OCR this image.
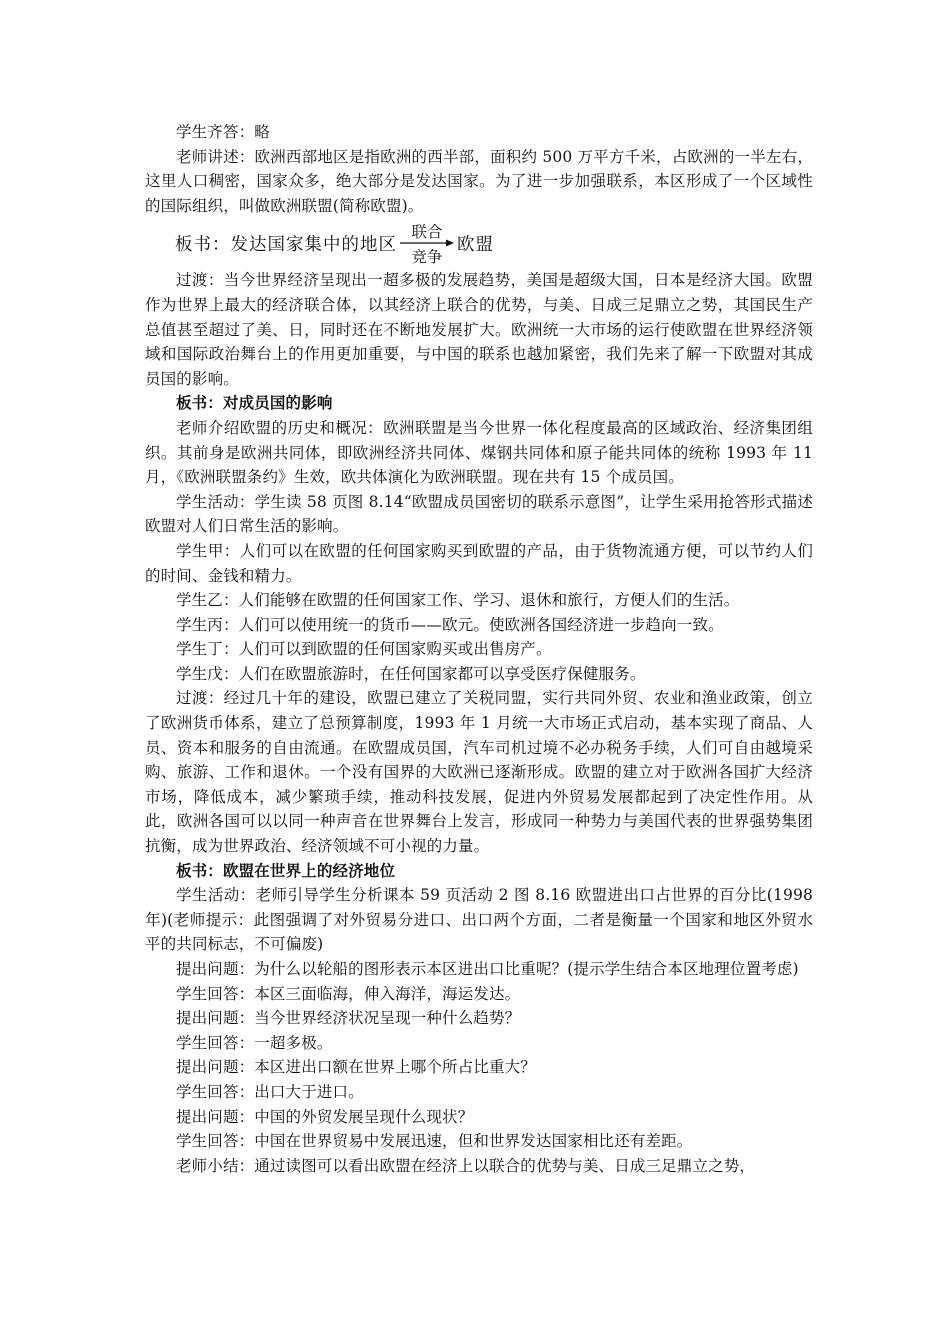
学生齐答：略

老师讲述：欧洲西部地区是指欧洲的西半部，面积约 500 万平方千米，占欧洲的一半左右，这里人口稠密，国家众多，绝大部分是发达国家。为了进一步加强联系，本区形成了一个区域性的国际组织，叫做欧洲联盟(简称欧盟)。

板书：发达国家集中的地区
联合
竞争
欧盟

过渡：当今世界经济呈现出一超多极的发展趋势，美国是超级大国，日本是经济大国。欧盟作为世界上最大的经济联合体，以其经济上联合的优势，与美、日成三足鼎立之势，其国民生产总值甚至超过了美、日，同时还在不断地发展扩大。欧洲统一大市场的运行使欧盟在世界经济领域和国际政治舞台上的作用更加重要，与中国的联系也越加紧密，我们先来了解一下欧盟对其成员国的影响。

板书：对成员国的影响

老师介绍欧盟的历史和概况：欧洲联盟是当今世界一体化程度最高的区域政治、经济集团组织。其前身是欧洲共同体，即欧洲经济共同体、煤钢共同体和原子能共同体的统称 1993 年 11 月，《欧洲联盟条约》生效，欧共体演化为欧洲联盟。现在共有 15 个成员国。

学生活动：学生读 58 页图 8.14“欧盟成员国密切的联系示意图”，让学生采用抢答形式描述欧盟对人们日常生活的影响。

学生甲：人们可以在欧盟的任何国家购买到欧盟的产品，由于货物流通方便，可以节约人们的时间、金钱和精力。

学生乙：人们能够在欧盟的任何国家工作、学习、退休和旅行，方便人们的生活。

学生丙：人们可以使用统一的货币——欧元。使欧洲各国经济进一步趋向一致。

学生丁：人们可以到欧盟的任何国家购买或出售房产。

学生戊：人们在欧盟旅游时，在任何国家都可以享受医疗保健服务。

过渡：经过几十年的建设，欧盟已建立了关税同盟，实行共同外贸、农业和渔业政策，创立了欧洲货币体系，建立了总预算制度，1993 年 1 月统一大市场正式启动，基本实现了商品、人员、资本和服务的自由流通。在欧盟成员国，汽车司机过境不必办税务手续，人们可自由越境采购、旅游、工作和退休。一个没有国界的大欧洲已逐渐形成。欧盟的建立对于欧洲各国扩大经济市场，降低成本，减少繁琐手续，推动科技发展，促进内外贸易发展都起到了决定性作用。从此，欧洲各国可以以同一种声音在世界舞台上发言，形成同一种势力与美国代表的世界强势集团抗衡，成为世界政治、经济领域不可小视的力量。

板书：欧盟在世界上的经济地位

学生活动：老师引导学生分析课本 59 页活动 2 图 8.16 欧盟进出口占世界的百分比(1998 年)(老师提示：此图强调了对外贸易分进口、出口两个方面，二者是衡量一个国家和地区外贸水平的共同标志，不可偏废)

提出问题：为什么以轮船的图形表示本区进出口比重呢？(提示学生结合本区地理位置考虑)

学生回答：本区三面临海，伸入海洋，海运发达。

提出问题：当今世界经济状况呈现一种什么趋势？

学生回答：一超多极。

提出问题：本区进出口额在世界上哪个所占比重大？

学生回答：出口大于进口。

提出问题：中国的外贸发展呈现什么现状？

学生回答：中国在世界贸易中发展迅速，但和世界发达国家相比还有差距。

老师小结：通过读图可以看出欧盟在经济上以联合的优势与美、日成三足鼎立之势，
